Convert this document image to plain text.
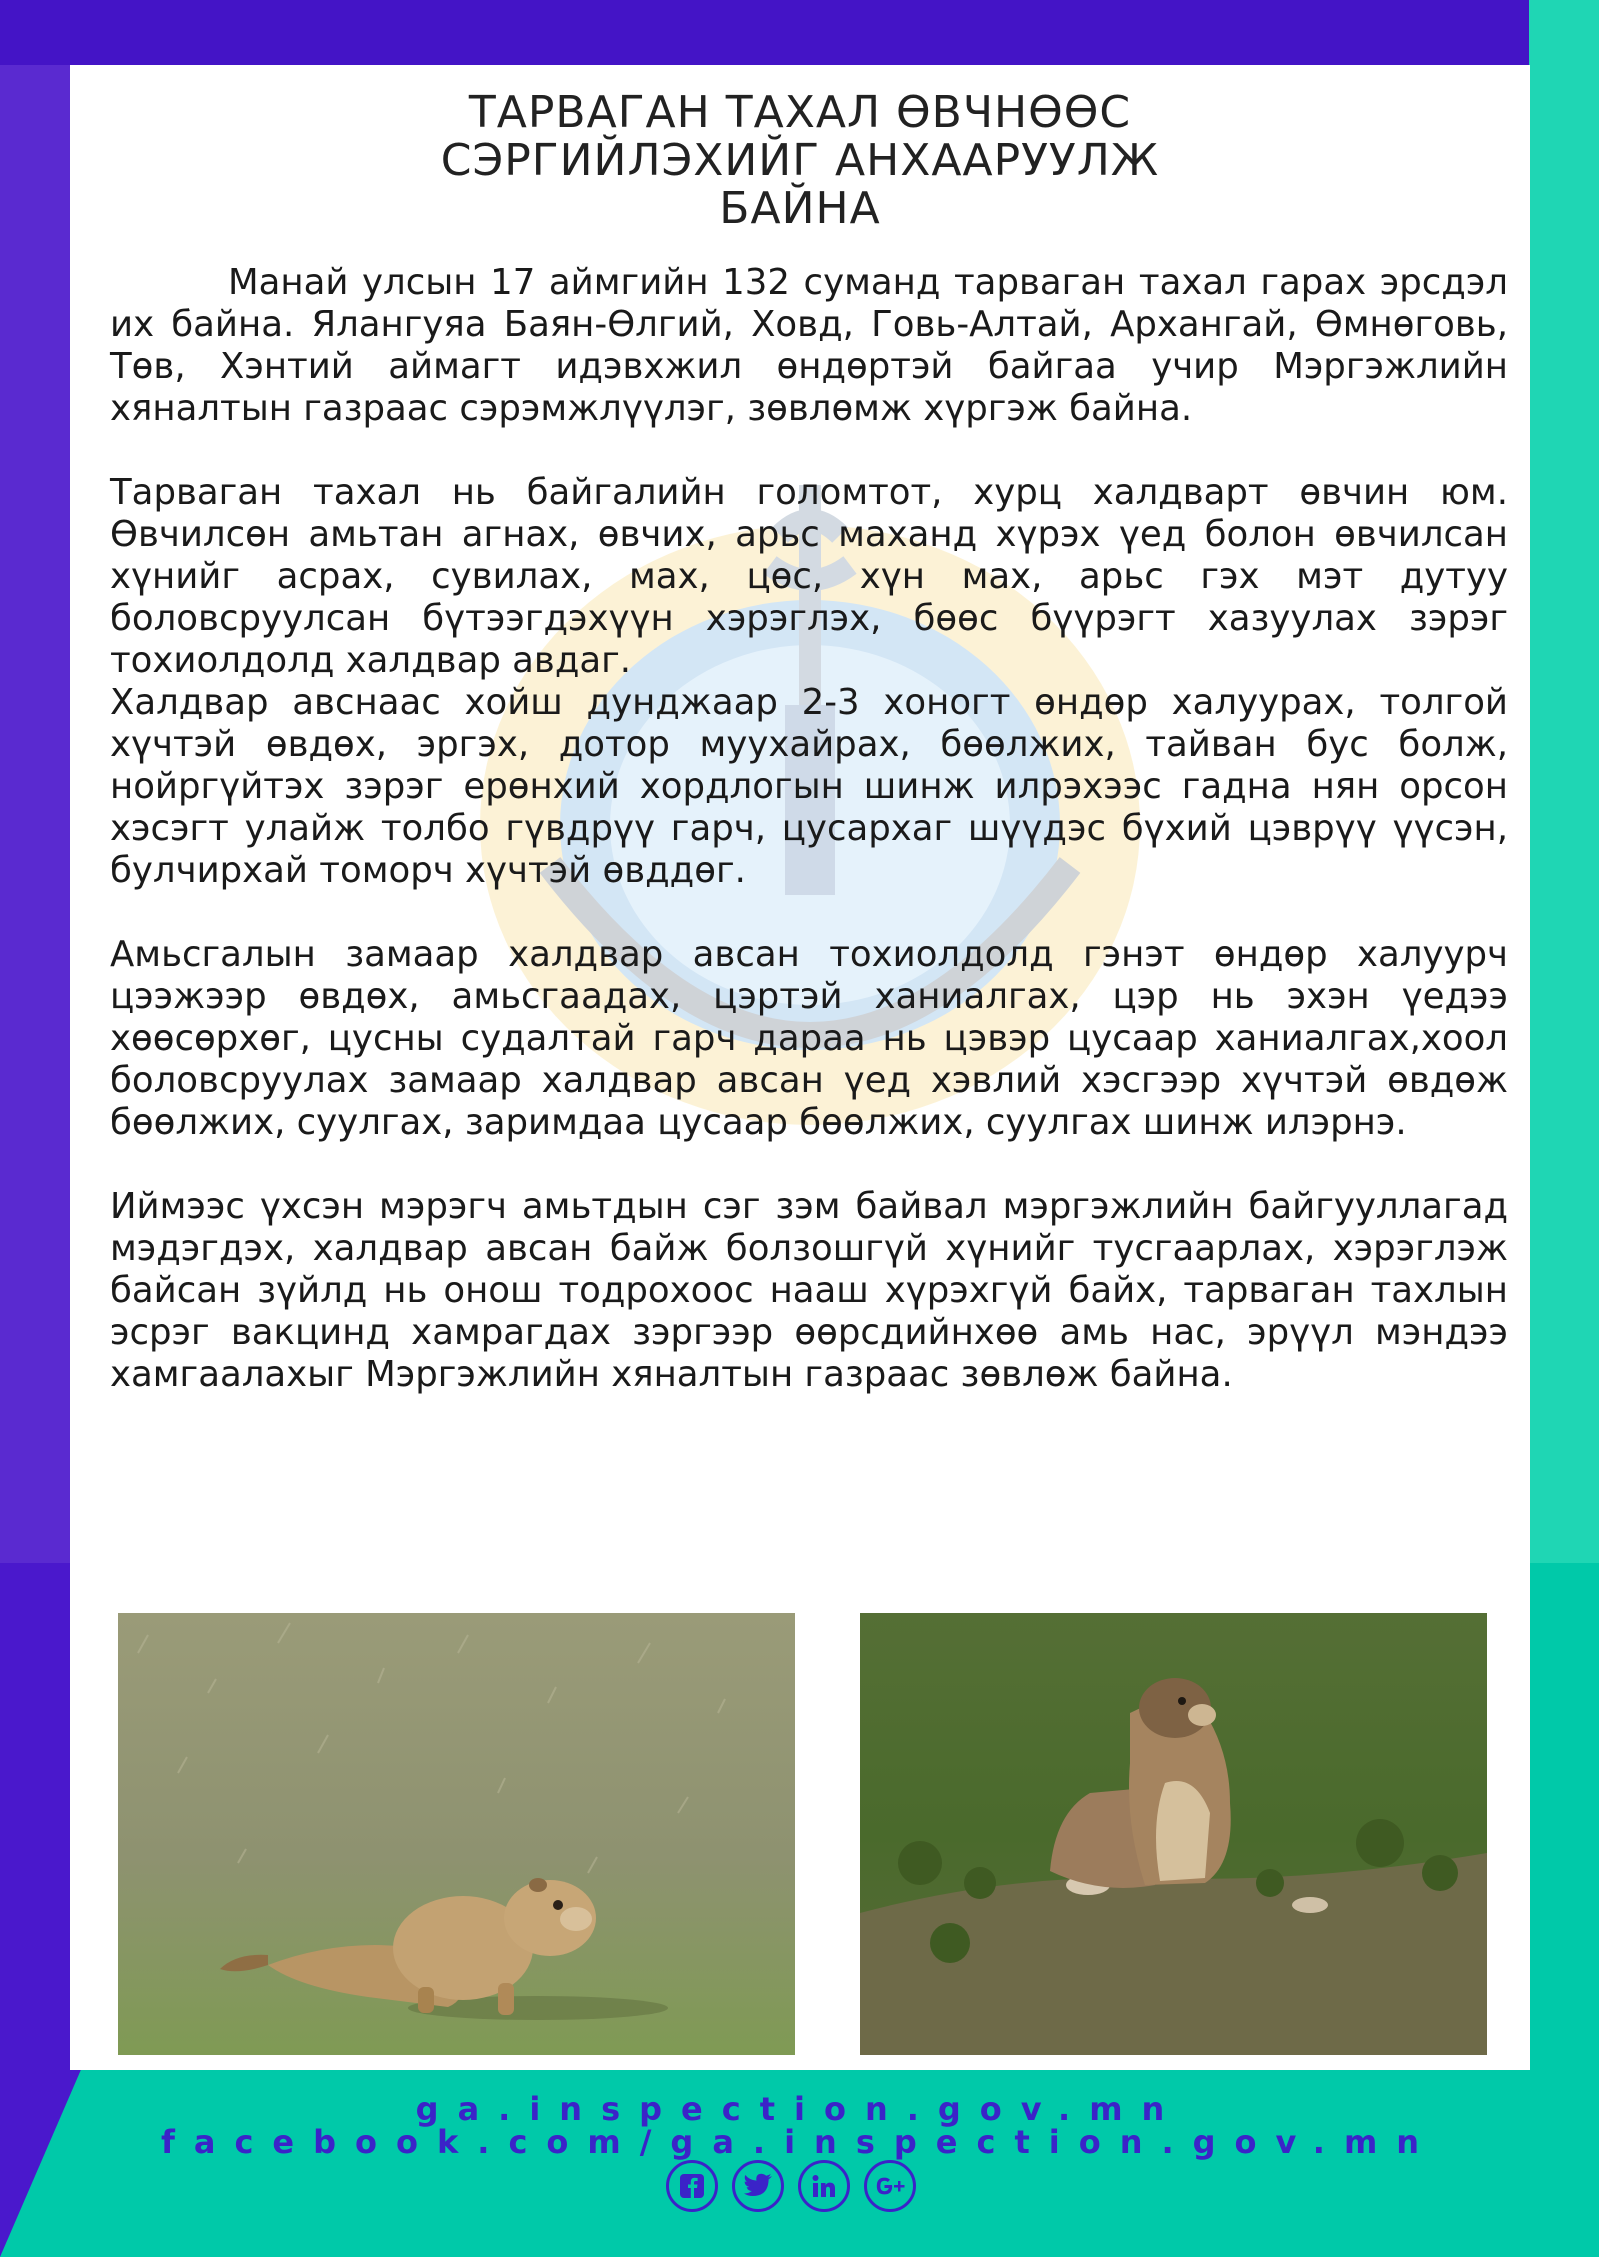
ТАРВАГАН ТАХАЛ ӨВЧНӨӨС
СЭРГИЙЛЭХИЙГ АНХААРУУЛЖ
БАЙНА

Манай улсын 17 аймгийн 132 суманд тарваган тахал гарах эрсдэл их байна. Ялангуяа Баян-Өлгий, Ховд, Говь-Алтай, Архангай, Өмнөговь, Төв, Хэнтий аймагт идэвхжил өндөртэй байгаа учир Мэргэжлийн хяналтын газраас сэрэмжлүүлэг, зөвлөмж хүргэж байна.

Тарваган тахал нь байгалийн голомтот, хурц халдварт өвчин юм. Өвчилсөн амьтан агнах, өвчих, арьс маханд хүрэх үед болон өвчилсан хүнийг асрах, сувилах, мах, цөс, хүн мах, арьс гэх мэт дутуу боловсруулсан бүтээгдэхүүн хэрэглэх, бөөс бүүрэгт хазуулах зэрэг тохиолдолд халдвар авдаг.

Халдвар авснаас хойш дунджаар 2-3 хоногт өндөр халуурах, толгой хүчтэй өвдөх, эргэх, дотор муухайрах, бөөлжих, тайван бус болж, нойргүйтэх зэрэг ерөнхий хордлогын шинж илрэхээс гадна нян орсон хэсэгт улайж толбо гүвдрүү гарч, цусархаг шүүдэс бүхий цэврүү үүсэн, булчирхай томорч хүчтэй өвддөг.

Амьсгалын замаар халдвар авсан тохиолдолд гэнэт өндөр халуурч цээжээр өвдөх, амьсгаадах, цэртэй ханиалгах, цэр нь эхэн үедээ хөөсөрхөг, цусны судалтай гарч дараа нь цэвэр цусаар ханиалгах,хоол боловсруулах замаар халдвар авсан үед хэвлий хэсгээр хүчтэй өвдөж бөөлжих, суулгах, заримдаа цусаар бөөлжих, суулгах шинж илэрнэ.

Иймээс үхсэн мэрэгч амьтдын сэг зэм байвал мэргэжлийн байгууллагад мэдэгдэх, халдвар авсан байж болзошгүй хүнийг тусгаарлах, хэрэглэж байсан зүйлд нь онош тодрохоос нааш хүрэхгүй байх, тарваган тахлын эсрэг вакцинд хамрагдах зэргээр өөрсдийнхөө амь нас, эрүүл мэндээ хамгаалахыг Мэргэжлийн хяналтын газраас зөвлөж байна.

ga.inspection.gov.mn
facebook.com/ga.inspection.gov.mn
